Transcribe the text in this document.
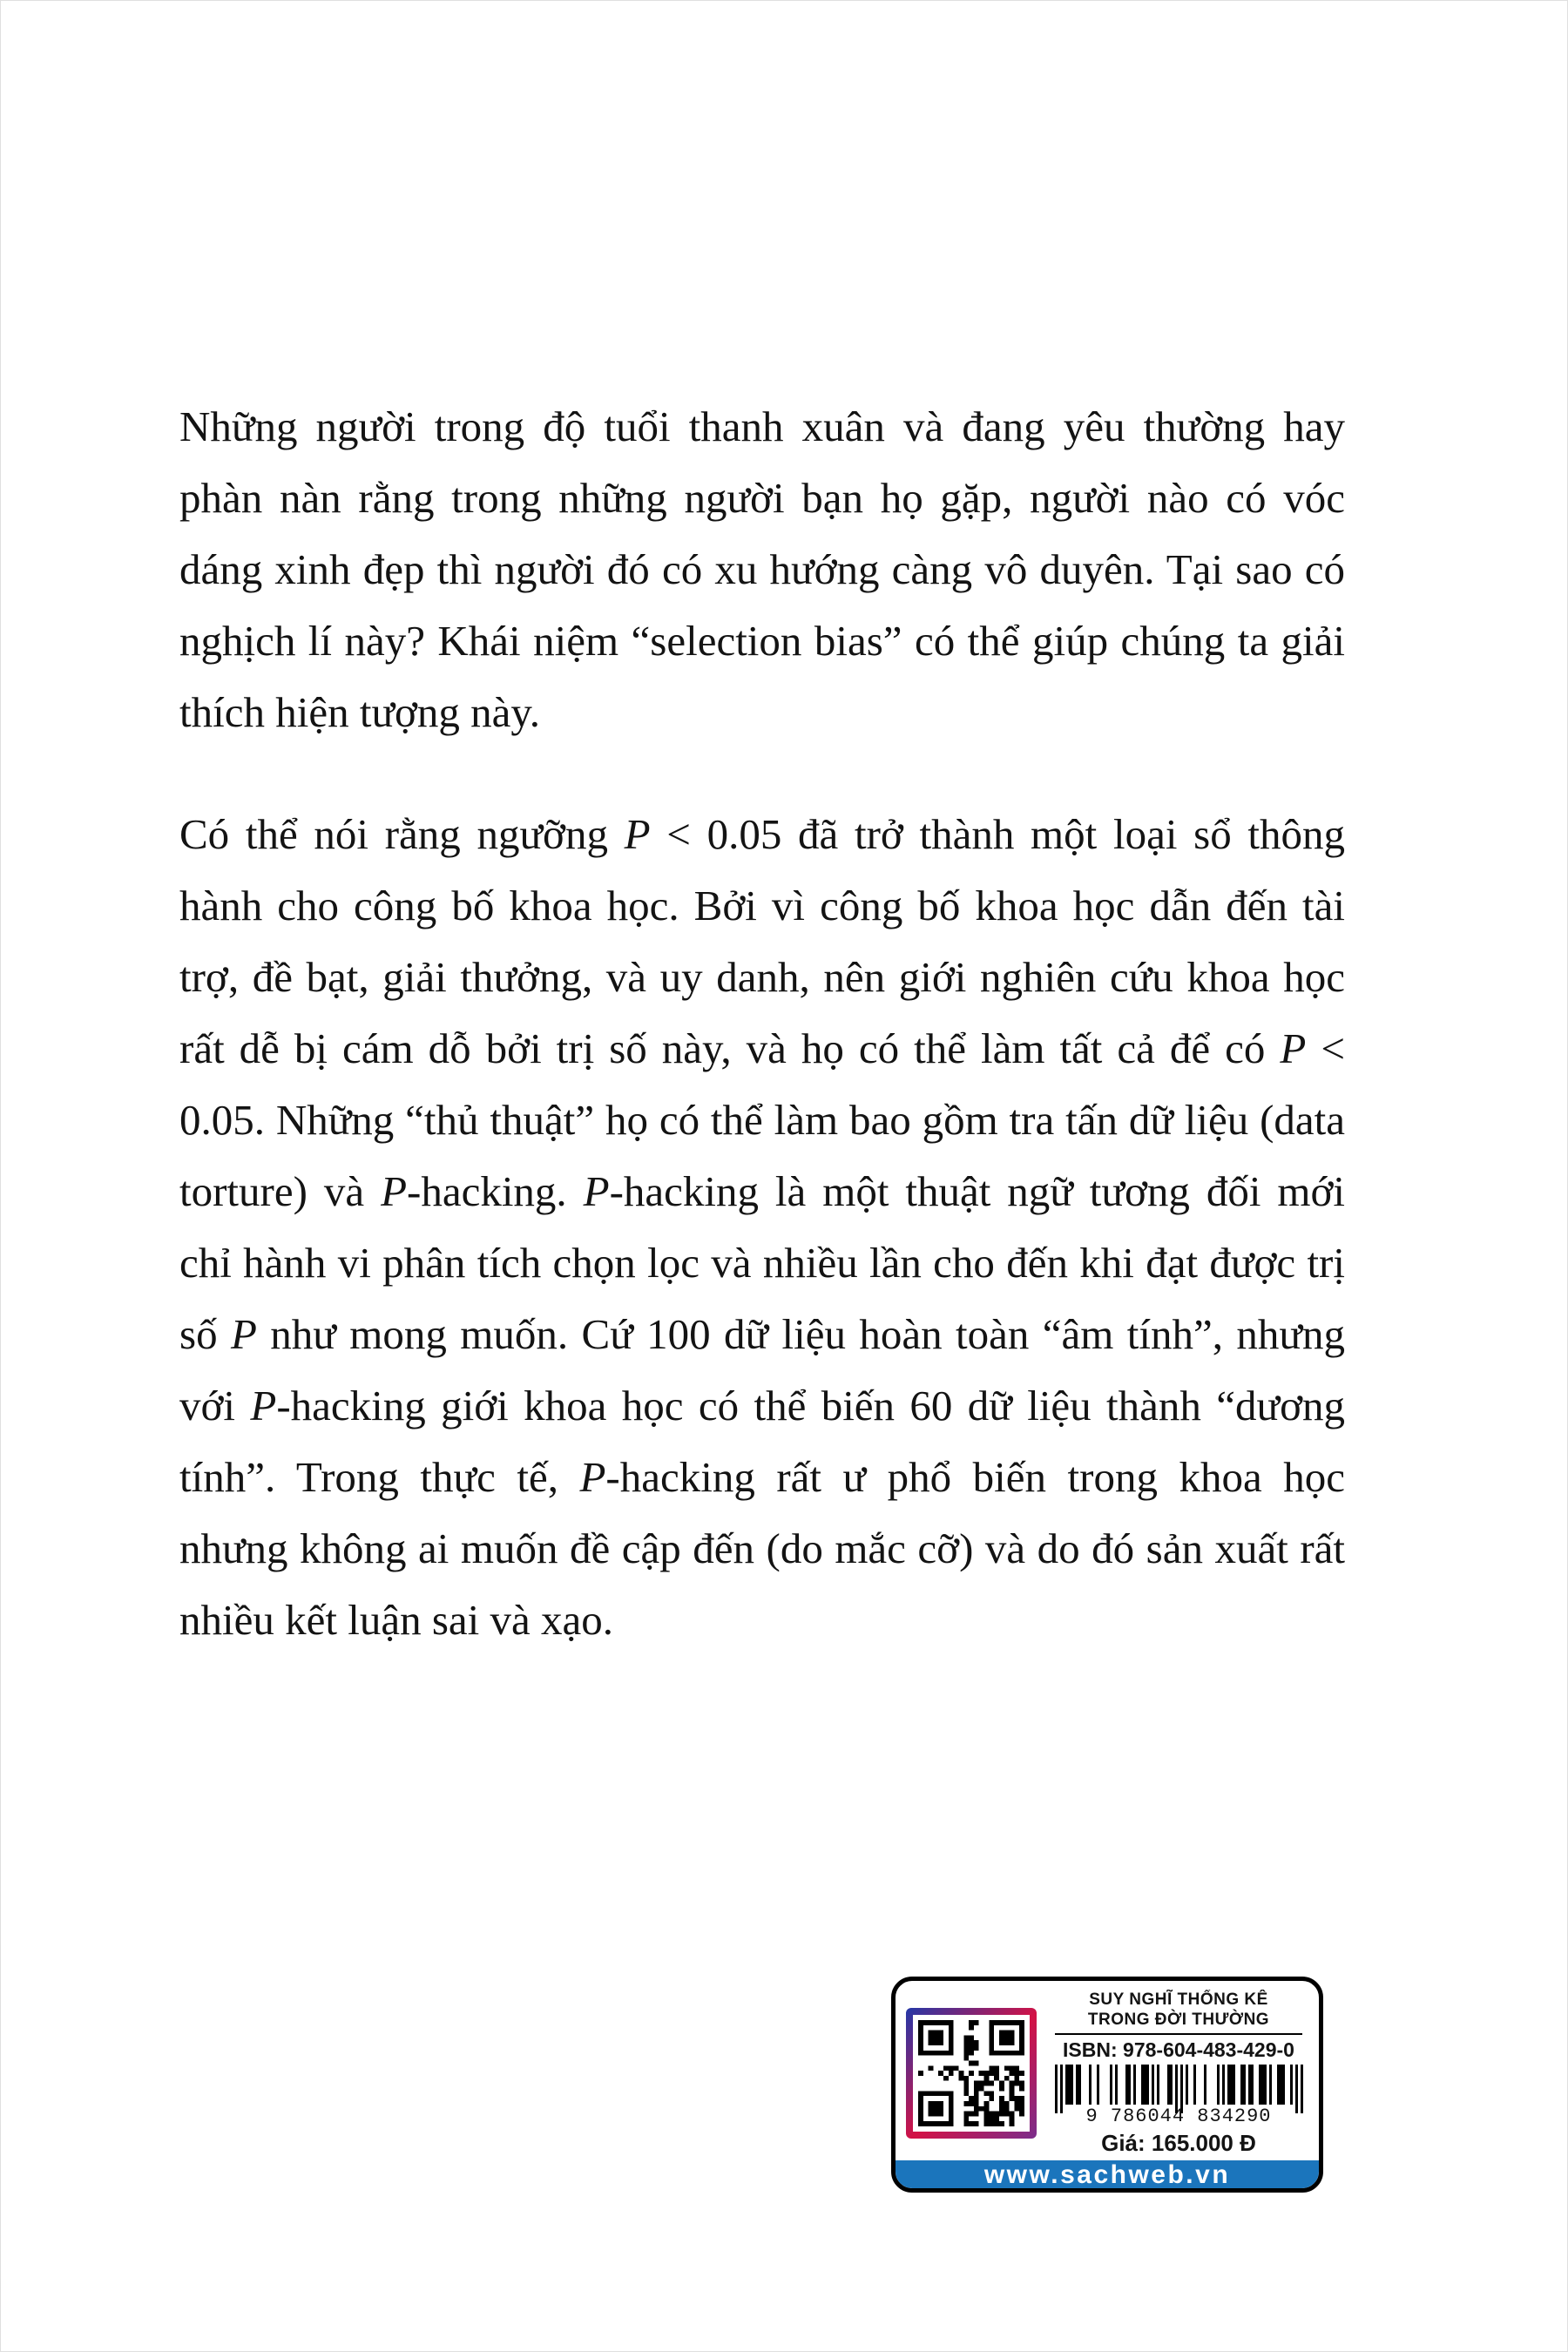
Những người trong độ tuổi thanh xuân và đang yêu thường hay phàn nàn rằng trong những người bạn họ gặp, người nào có vóc dáng xinh đẹp thì người đó có xu hướng càng vô duyên. Tại sao có nghịch lí này? Khái niệm “selection bias” có thể giúp chúng ta giải thích hiện tượng này.

Có thể nói rằng ngưỡng P < 0.05 đã trở thành một loại sổ thông hành cho công bố khoa học. Bởi vì công bố khoa học dẫn đến tài trợ, đề bạt, giải thưởng, và uy danh, nên giới nghiên cứu khoa học rất dễ bị cám dỗ bởi trị số này, và họ có thể làm tất cả để có P < 0.05. Những “thủ thuật” họ có thể làm bao gồm tra tấn dữ liệu (data torture) và P-hacking. P-hacking là một thuật ngữ tương đối mới chỉ hành vi phân tích chọn lọc và nhiều lần cho đến khi đạt được trị số P như mong muốn. Cứ 100 dữ liệu hoàn toàn “âm tính”, nhưng với P-hacking giới khoa học có thể biến 60 dữ liệu thành “dương tính”. Trong thực tế, P-hacking rất ư phổ biến trong khoa học nhưng không ai muốn đề cập đến (do mắc cỡ) và do đó sản xuất rất nhiều kết luận sai và xạo.

SUY NGHĨ THỐNG KÊ
TRONG ĐỜI THƯỜNG
ISBN: 978-604-483-429-0
9 786044 834290
Giá: 165.000 Đ
www.sachweb.vn
